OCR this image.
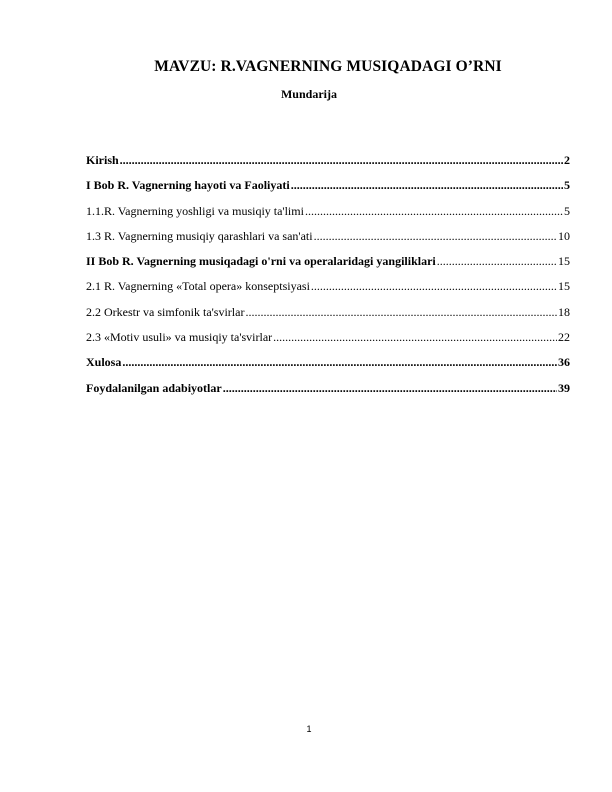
MAVZU: R.VAGNERNING MUSIQADAGI O’RNI
Mundarija
Kirish .....	2
I Bob R. Vagnerning hayoti va Faoliyati .....	5
1.1.R. Vagnerning yoshligi va musiqiy ta'limi .....	5
1.3 R. Vagnerning musiqiy qarashlari va san'ati .....	10
II Bob R. Vagnerning musiqadagi o'rni va operalaridagi yangiliklari .....	15
2.1 R. Vagnerning «Total opera» konseptsiyasi .....	15
2.2 Orkestr va simfonik ta'svirlar .....	18
2.3 «Motiv usuli» va musiqiy ta'svirlar .....	22
Xulosa .....	36
Foydalanilgan adabiyotlar .....	39
1
